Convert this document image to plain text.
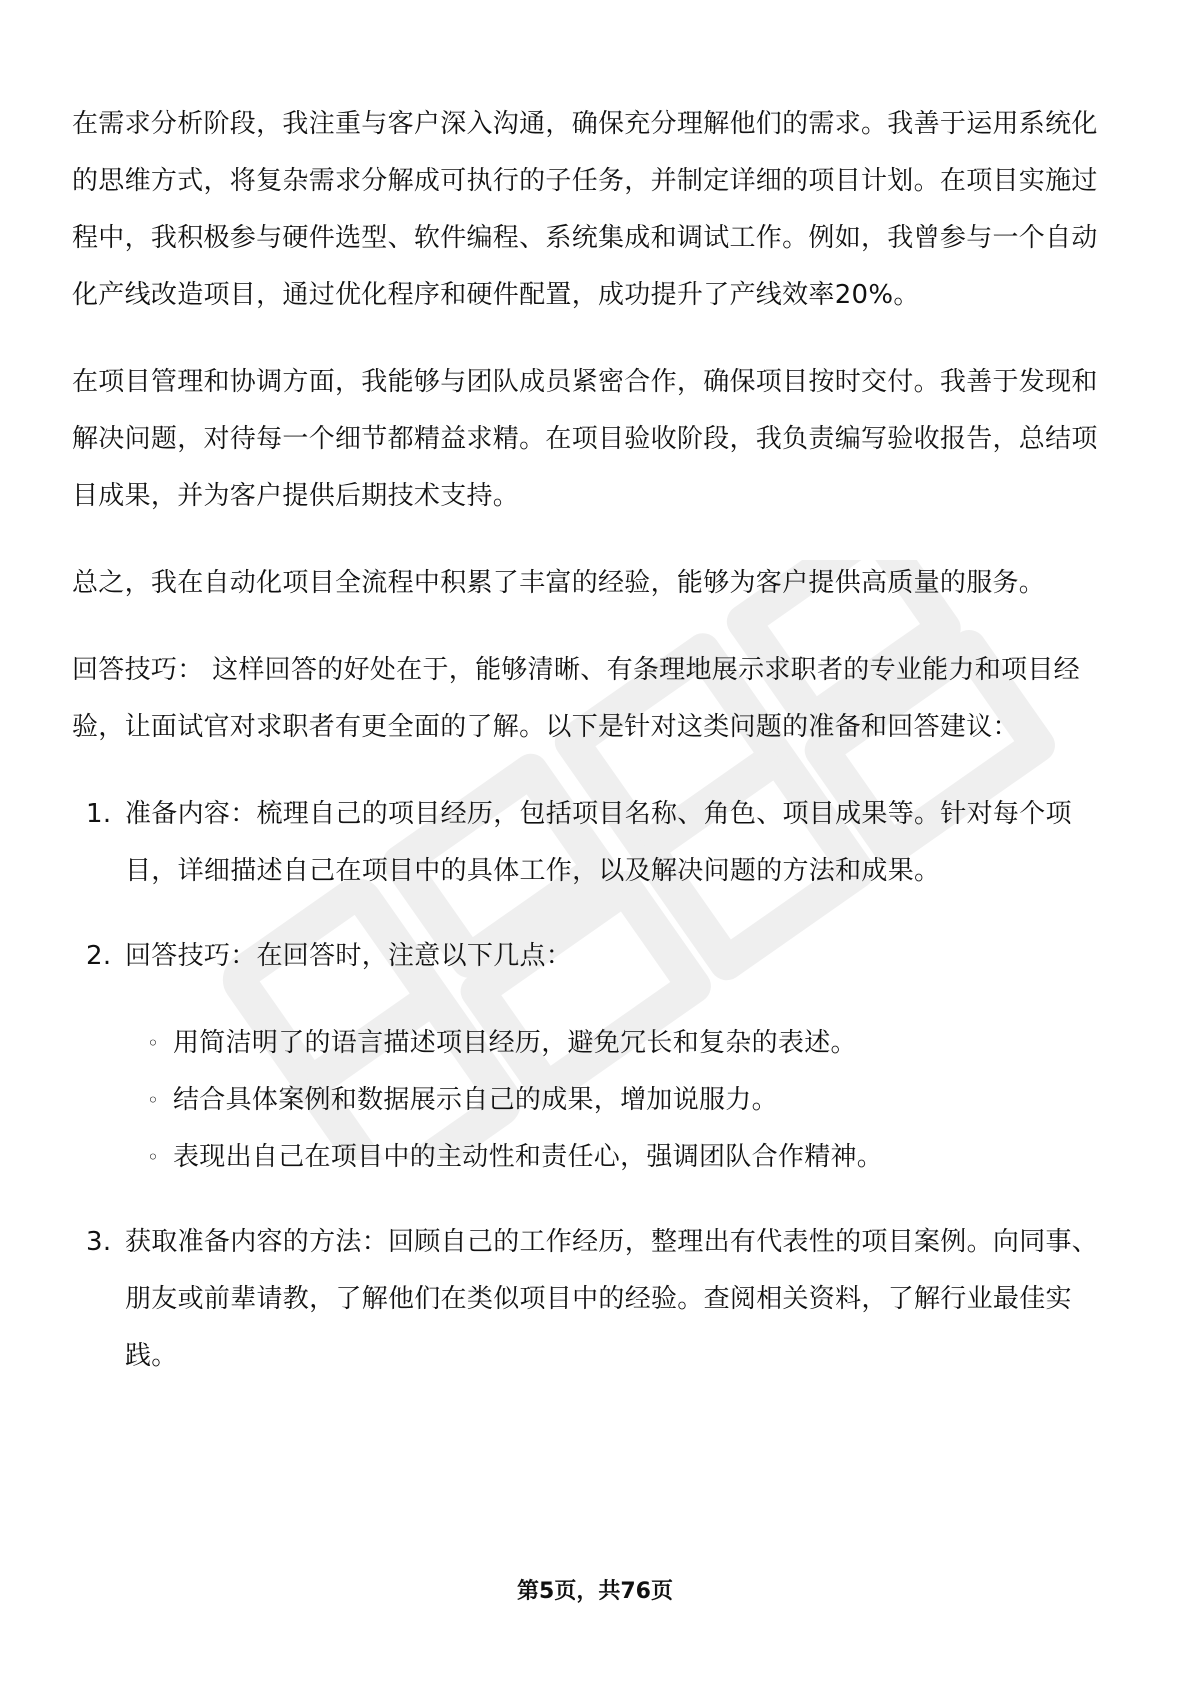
在需求分析阶段，我注重与客户深入沟通，确保充分理解他们的需求。我善于运用系统化的思维方式，将复杂需求分解成可执行的子任务，并制定详细的项目计划。在项目实施过程中，我积极参与硬件选型、软件编程、系统集成和调试工作。例如，我曾参与一个自动化产线改造项目，通过优化程序和硬件配置，成功提升了产线效率20%。

在项目管理和协调方面，我能够与团队成员紧密合作，确保项目按时交付。我善于发现和解决问题，对待每一个细节都精益求精。在项目验收阶段，我负责编写验收报告，总结项目成果，并为客户提供后期技术支持。

总之，我在自动化项目全流程中积累了丰富的经验，能够为客户提供高质量的服务。

回答技巧： 这样回答的好处在于，能够清晰、有条理地展示求职者的专业能力和项目经验，让面试官对求职者有更全面的了解。以下是针对这类问题的准备和回答建议：

1. 准备内容：梳理自己的项目经历，包括项目名称、角色、项目成果等。针对每个项目，详细描述自己在项目中的具体工作，以及解决问题的方法和成果。
2. 回答技巧：在回答时，注意以下几点：
◦ 用简洁明了的语言描述项目经历，避免冗长和复杂的表述。
◦ 结合具体案例和数据展示自己的成果，增加说服力。
◦ 表现出自己在项目中的主动性和责任心，强调团队合作精神。
3. 获取准备内容的方法：回顾自己的工作经历，整理出有代表性的项目案例。向同事、朋友或前辈请教，了解他们在类似项目中的经验。查阅相关资料，了解行业最佳实践。
第5页，共76页
